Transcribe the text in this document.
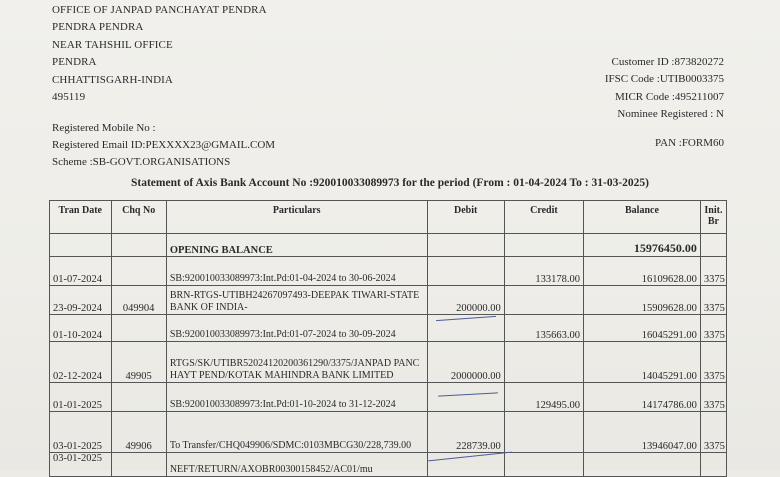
OFFICE OF JANPAD PANCHAYAT PENDRA
PENDRA PENDRA
NEAR TAHSHIL OFFICE
PENDRA
CHHATTISGARH-INDIA
495119
Customer ID :873820272
IFSC Code :UTIB0003375
MICR Code :495211007
Nominee Registered : N
Registered Mobile No :
Registered Email ID:PEXXXX23@GMAIL.COM
Scheme :SB-GOVT.ORGANISATIONS
PAN :FORM60
Statement of Axis Bank Account No :920010033089973 for the period (From : 01-04-2024 To : 31-03-2025)
Tran Date	Chq No	Particulars	Debit	Credit	Balance	Init. Br
		OPENING BALANCE			15976450.00	
01-07-2024		SB:920010033089973:Int.Pd:01-04-2024 to 30-06-2024		133178.00	16109628.00	3375
23-09-2024	049904	BRN-RTGS-UTIBH24267097493-DEEPAK TIWARI-STATE BANK OF INDIA-	200000.00		15909628.00	3375
01-10-2024		SB:920010033089973:Int.Pd:01-07-2024 to 30-09-2024		135663.00	16045291.00	3375
02-12-2024	49905	RTGS/SK/UTIBR52024120200361290/3375/JANPAD PANCHAYT PEND/KOTAK MAHINDRA BANK LIMITED	2000000.00		14045291.00	3375
01-01-2025		SB:920010033089973:Int.Pd:01-10-2024 to 31-12-2024		129495.00	14174786.00	3375
03-01-2025	49906	To Transfer/CHQ049906/SDMC:0103MBCG30/228,739.00	228739.00		13946047.00	3375
03-01-2025		NEFT/RETURN/AXOBR00300158452/AC01/mu				
